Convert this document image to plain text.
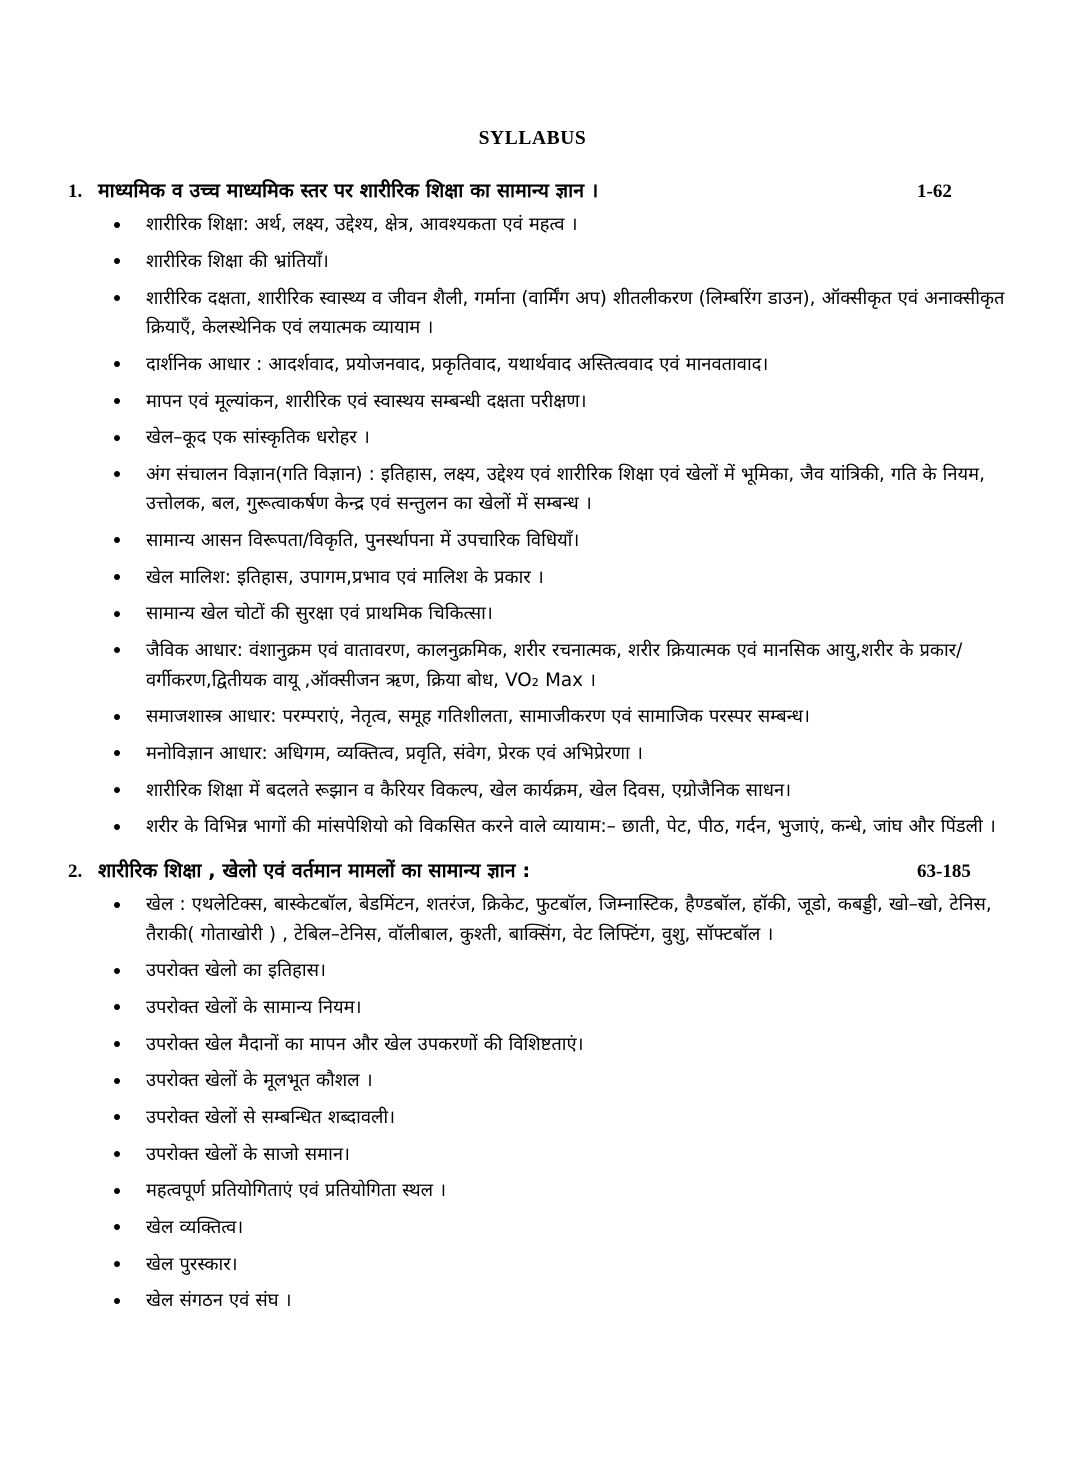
SYLLABUS
1. माध्यमिक व उच्च माध्यमिक स्तर पर शारीरिक शिक्षा का सामान्य ज्ञान ।	1-62
शारीरिक शिक्षा: अर्थ, लक्ष्य, उद्देश्य, क्षेत्र, आवश्यकता एवं महत्व ।
शारीरिक शिक्षा की भ्रांतियाँ।
शारीरिक दक्षता, शारीरिक स्वास्थ्य व जीवन शैली, गर्माना (वार्मिंग अप) शीतलीकरण (लिम्बरिंग डाउन), ऑक्सीकृत एवं अनाक्सीकृत क्रियाएँ, केलस्थेनिक एवं लयात्मक व्यायाम ।
दार्शनिक आधार : आदर्शवाद, प्रयोजनवाद, प्रकृतिवाद, यथार्थवाद अस्तित्ववाद एवं मानवतावाद।
मापन एवं मूल्यांकन, शारीरिक एवं स्वास्थय सम्बन्धी दक्षता परीक्षण।
खेल–कूद एक सांस्कृतिक धरोहर ।
अंग संचालन विज्ञान(गति विज्ञान) : इतिहास, लक्ष्य, उद्देश्य एवं शारीरिक शिक्षा एवं खेलों में भूमिका, जैव यांत्रिकी, गति के नियम, उत्तोलक, बल, गुरूत्वाकर्षण केन्द्र एवं सन्तुलन का खेलों में सम्बन्ध ।
सामान्य आसन विरूपता/विकृति, पुनर्स्थापना में उपचारिक विधियाँ।
खेल मालिश: इतिहास, उपागम,प्रभाव एवं मालिश के प्रकार ।
सामान्य खेल चोटों की सुरक्षा एवं प्राथमिक चिकित्सा।
जैविक आधार: वंशानुक्रम एवं वातावरण, कालनुक्रमिक, शरीर रचनात्मक, शरीर क्रियात्मक एवं मानसिक आयु,शरीर के प्रकार/वर्गीकरण,द्वितीयक वायू ,ऑक्सीजन ऋण, क्रिया बोध, VO₂ Max ।
समाजशास्त्र आधार: परम्पराएं, नेतृत्व, समूह गतिशीलता, सामाजीकरण एवं सामाजिक परस्पर सम्बन्ध।
मनोविज्ञान आधार: अधिगम, व्यक्तित्व, प्रवृति, संवेग, प्रेरक एवं अभिप्रेरणा ।
शारीरिक शिक्षा में बदलते रूझान व कैरियर विकल्प, खेल कार्यक्रम, खेल दिवस, एग्रोजैनिक साधन।
शरीर के विभिन्न भागों की मांसपेशियो को विकसित करने वाले व्यायाम:– छाती, पेट, पीठ, गर्दन, भुजाएं, कन्धे, जांघ और पिंडली ।
2. शारीरिक शिक्षा , खेलो एवं वर्तमान मामलों का सामान्य ज्ञान :	63-185
खेल : एथलेटिक्स, बास्केटबॉल, बेडमिंटन, शतरंज, क्रिकेट, फुटबॉल, जिम्नास्टिक, हैण्डबॉल, हॉकी, जूडो, कबड्डी, खो–खो, टेनिस, तैराकी( गोताखोरी ) , टेबिल–टेनिस, वॉलीबाल, कुश्ती, बाक्सिंग, वेट लिफ्टिंग, वुशु, सॉफ्टबॉल ।
उपरोक्त खेलो का इतिहास।
उपरोक्त खेलों के सामान्य नियम।
उपरोक्त खेल मैदानों का मापन और खेल उपकरणों की विशिष्टताएं।
उपरोक्त खेलों के मूलभूत कौशल ।
उपरोक्त खेलों से सम्बन्धित शब्दावली।
उपरोक्त खेलों के साजो समान।
महत्वपूर्ण प्रतियोगिताएं एवं प्रतियोगिता स्थल ।
खेल व्यक्तित्व।
खेल पुरस्कार।
खेल संगठन एवं संघ ।
